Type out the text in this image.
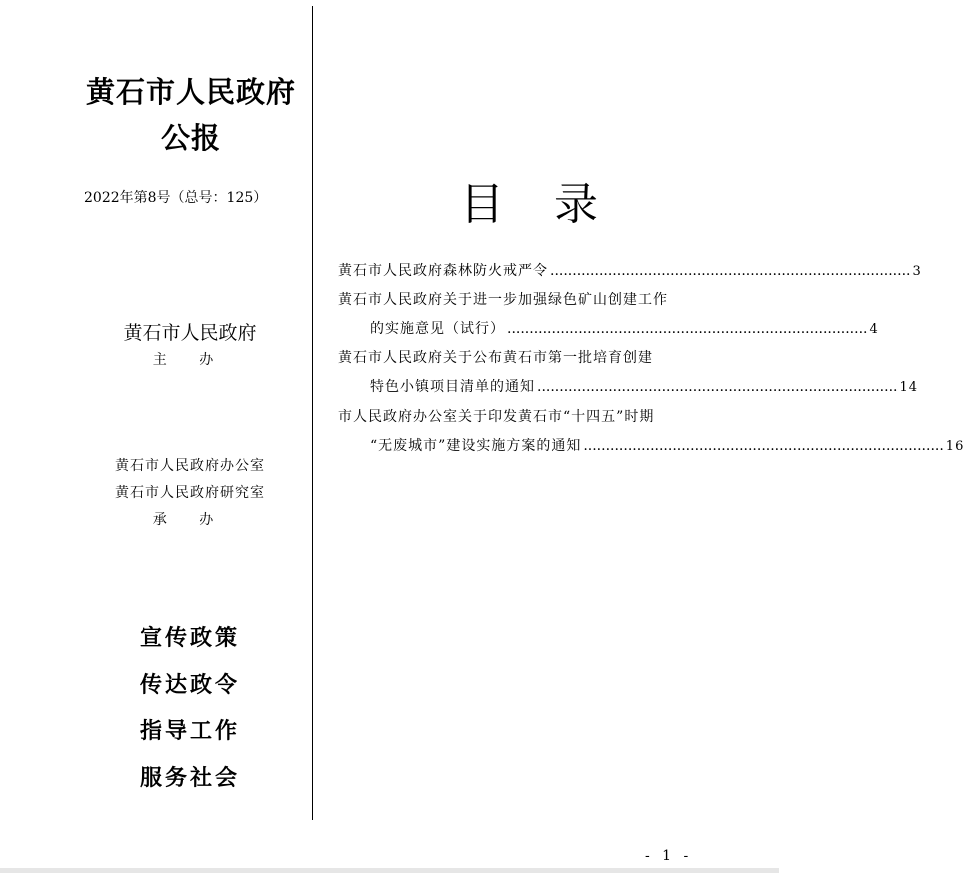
黄石市人民政府
公报
2022年第8号（总号：125）
黄石市人民政府
主 办
黄石市人民政府办公室
黄石市人民政府研究室
承 办
宣传政策
传达政令
指导工作
服务社会
目 录
黄石市人民政府森林防火戒严令 ................................................................................. 3
黄石市人民政府关于进一步加强绿色矿山创建工作
的实施意见（试行） ................................................................................. 4
黄石市人民政府关于公布黄石市第一批培育创建
特色小镇项目清单的通知 ................................................................................. 14
市人民政府办公室关于印发黄石市“十四五”时期
“无废城市”建设实施方案的通知 ................................................................................. 16
- 1 -
